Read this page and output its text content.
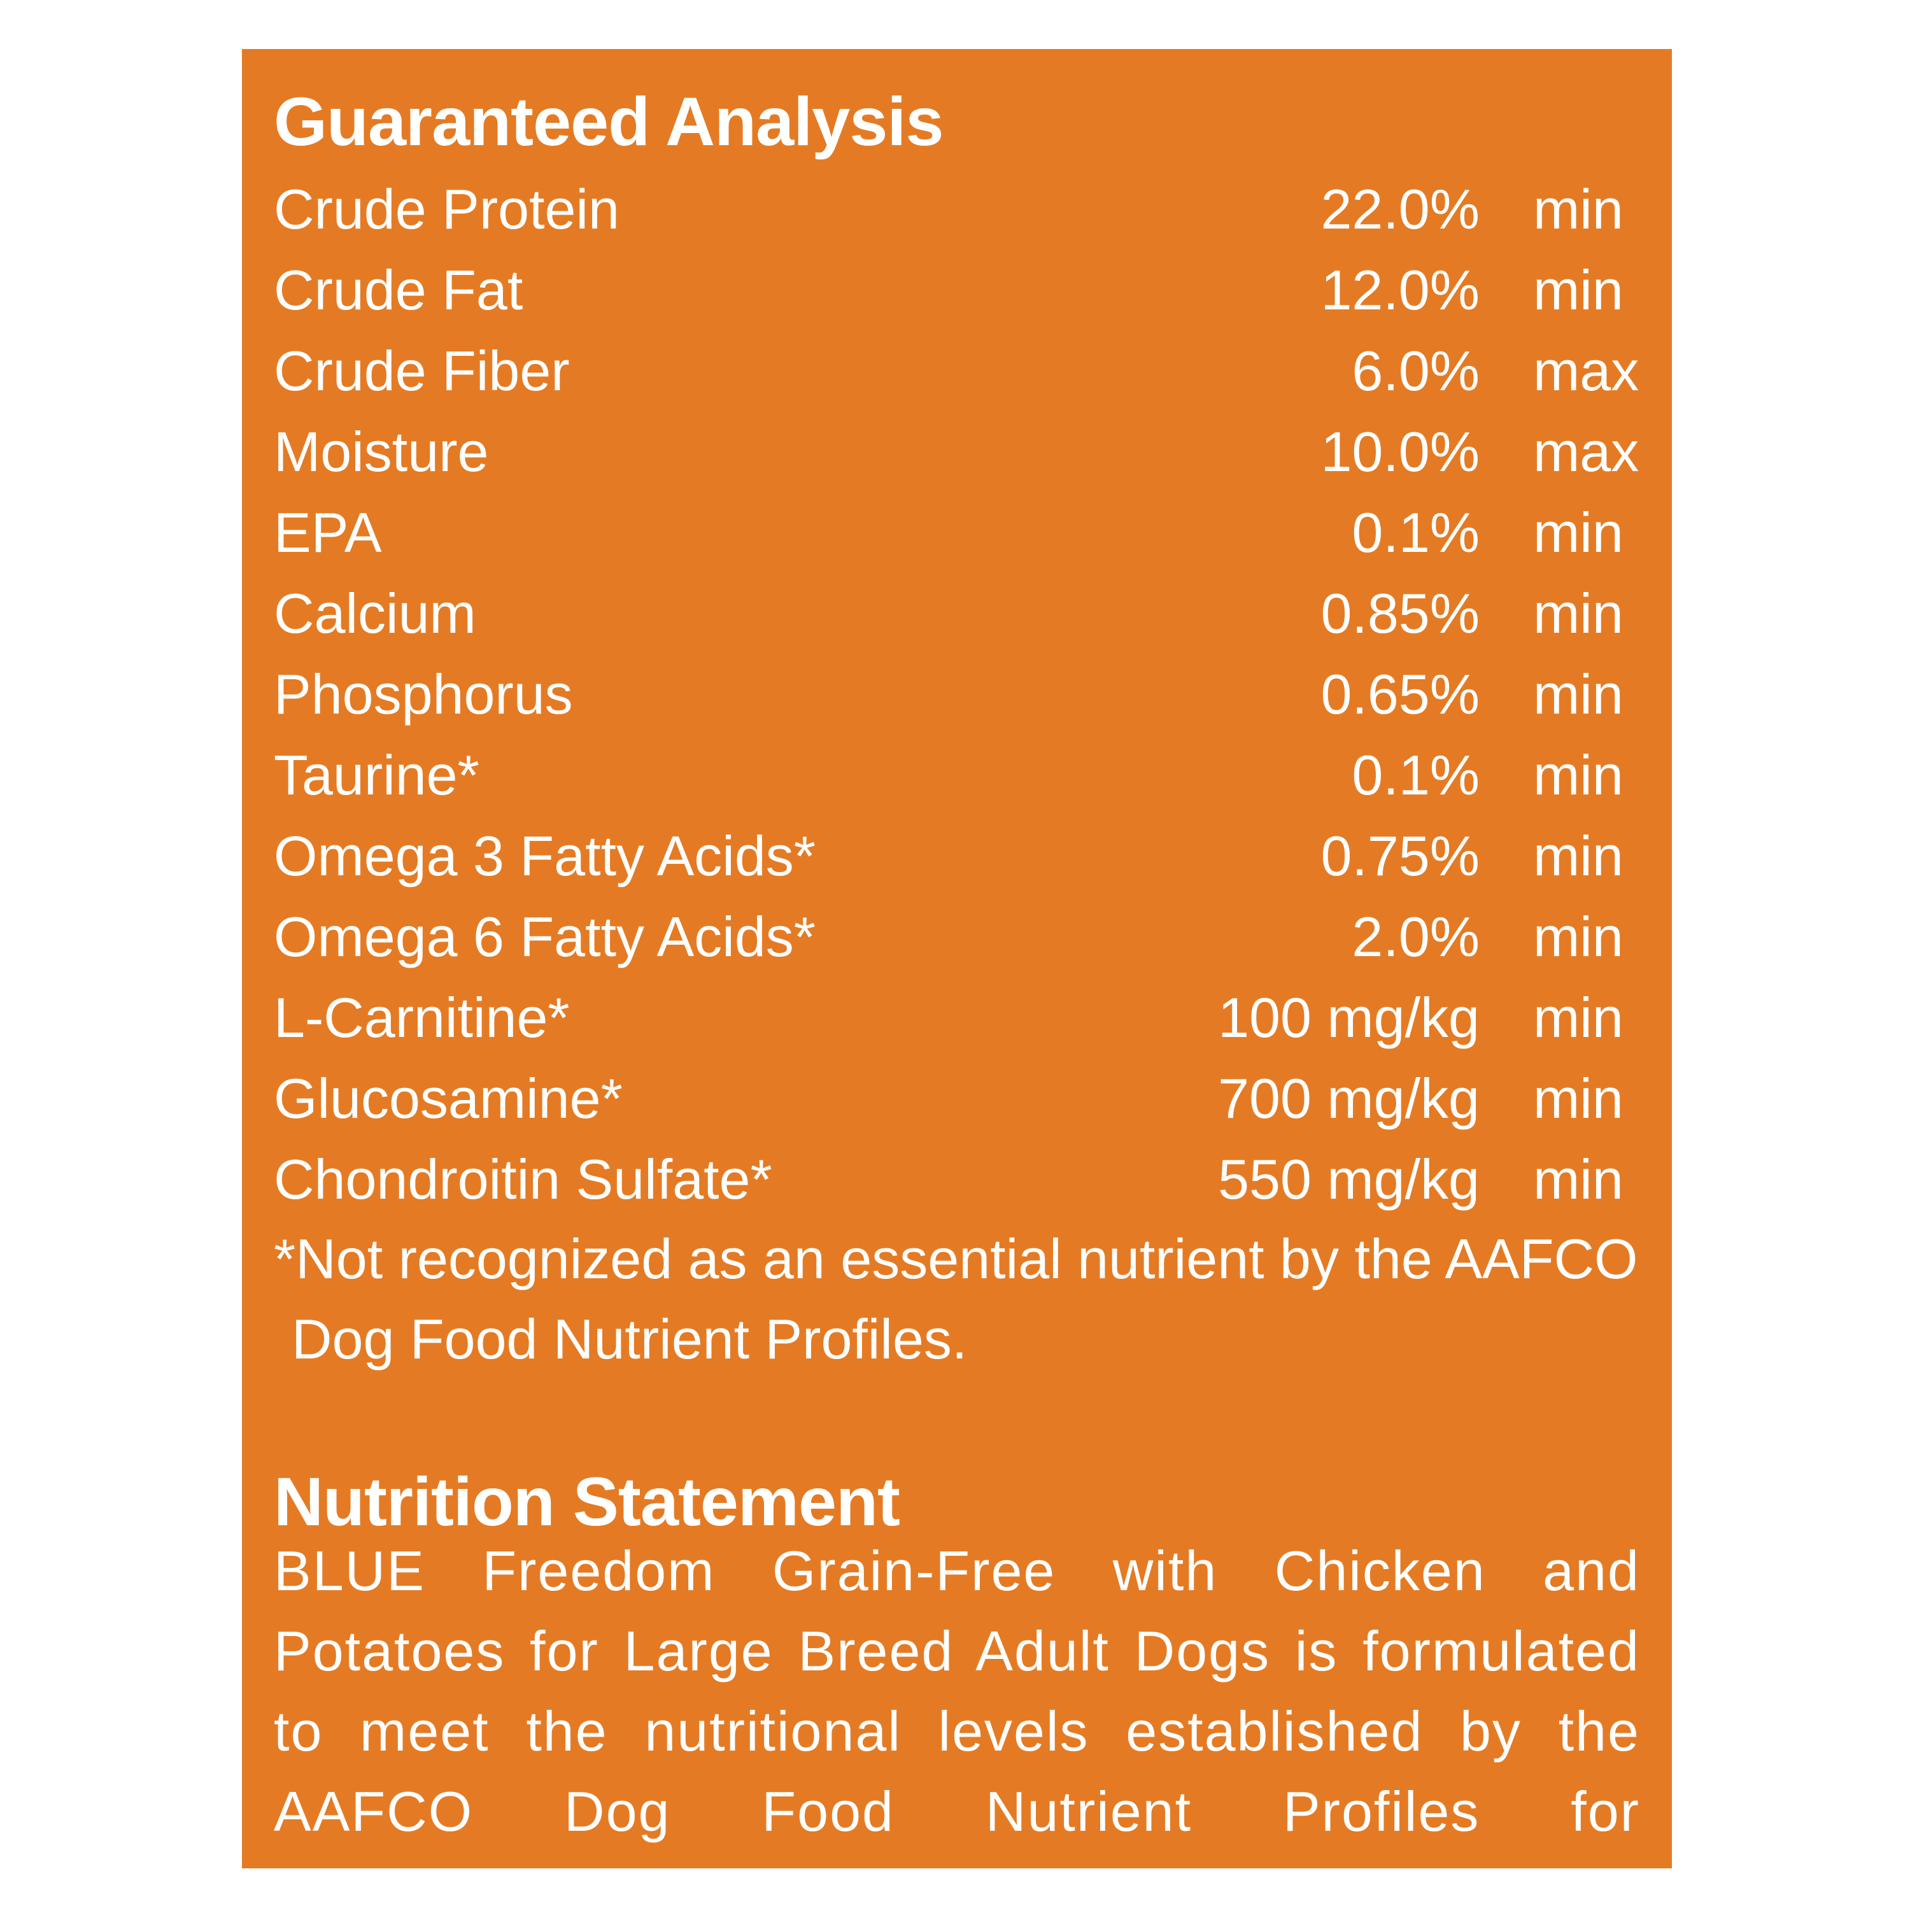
Guaranteed Analysis
Crude Protein	22.0% min
Crude Fat	12.0% min
Crude Fiber	6.0% max
Moisture	10.0% max
EPA	0.1% min
Calcium	0.85% min
Phosphorus	0.65% min
Taurine*	0.1% min
Omega 3 Fatty Acids*	0.75% min
Omega 6 Fatty Acids*	2.0% min
L-Carnitine*	100 mg/kg min
Glucosamine*	700 mg/kg min
Chondroitin Sulfate*	550 mg/kg min
*Not recognized as an essential nutrient by the AAFCO Dog Food Nutrient Profiles.
Nutrition Statement
BLUE Freedom Grain-Free with Chicken and Potatoes for Large Breed Adult Dogs is formulated to meet the nutritional levels established by the AAFCO Dog Food Nutrient Profiles for maintenance.
